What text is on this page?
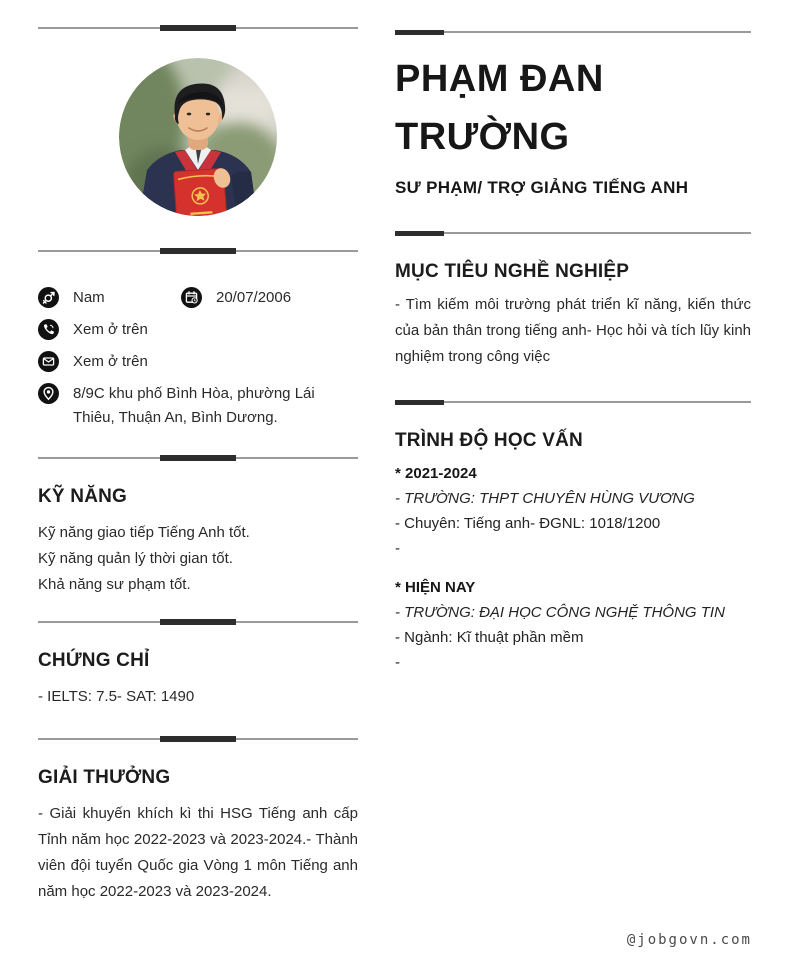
Nam	20/07/2006
Xem ở trên
Xem ở trên
8/9C khu phố Bình Hòa, phường Lái Thiêu, Thuận An, Bình Dương.
KỸ NĂNG
Kỹ năng giao tiếp Tiếng Anh tốt.
Kỹ năng quản lý thời gian tốt.
Khả năng sư phạm tốt.
CHỨNG CHỈ
- IELTS: 7.5- SAT: 1490
GIẢI THƯỞNG
- Giải khuyến khích kì thi HSG Tiếng anh cấp Tỉnh năm học 2022-2023 và 2023-2024.- Thành viên đội tuyển Quốc gia Vòng 1 môn Tiếng anh năm học 2022-2023 và 2023-2024.
PHẠM ĐAN TRƯỜNG
SƯ PHẠM/ TRỢ GIẢNG TIẾNG ANH
MỤC TIÊU NGHỀ NGHIỆP
- Tìm kiếm môi trường phát triển kĩ năng, kiến thức của bản thân trong tiếng anh- Học hỏi và tích lũy kinh nghiệm trong công việc
TRÌNH ĐỘ HỌC VẤN
* 2021-2024
- TRƯỜNG: THPT CHUYÊN HÙNG VƯƠNG
- Chuyên: Tiếng anh- ĐGNL: 1018/1200
-
* HIỆN NAY
- TRƯỜNG: ĐẠI HỌC CÔNG NGHỆ THÔNG TIN
- Ngành: Kĩ thuật phần mềm
-
@jobgovn.com
